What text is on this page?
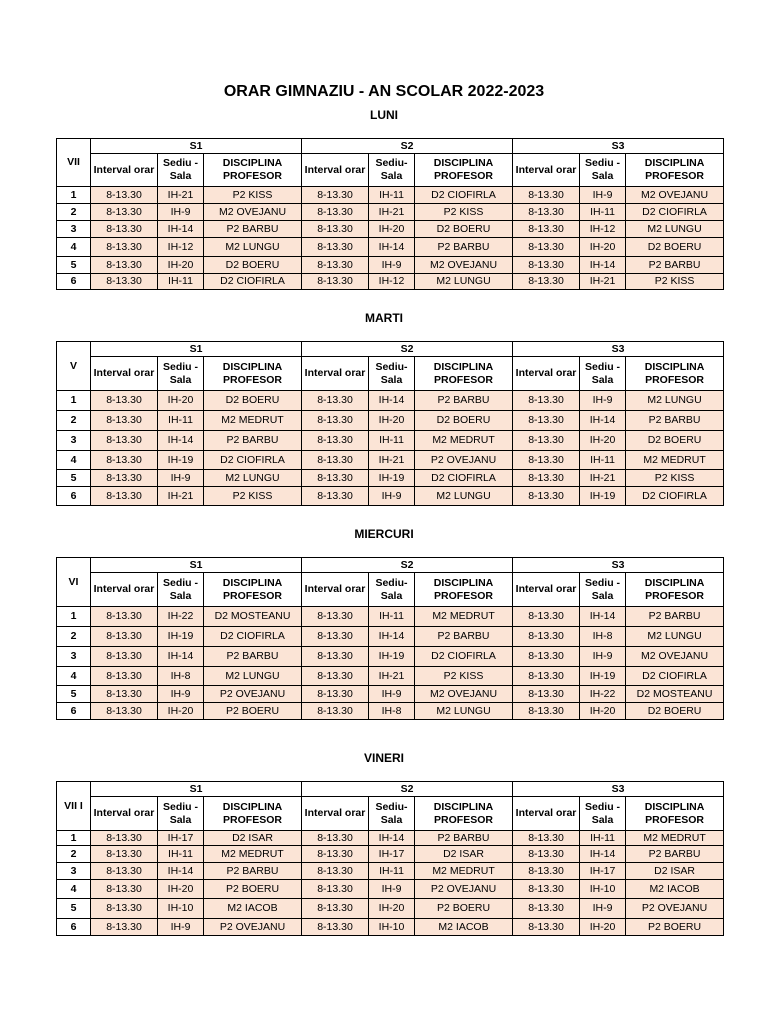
ORAR GIMNAZIU - AN SCOLAR 2022-2023
LUNI
VII	S1			S2			S3		
	Interval orar	Sediu -Sala	DISCIPLINA PROFESOR	Interval orar	Sediu- Sala	DISCIPLINA PROFESOR	Interval orar	Sediu -Sala	DISCIPLINA PROFESOR
1	8-13.30	IH-21	P2 KISS	8-13.30	IH-11	D2 CIOFIRLA	8-13.30	IH-9	M2 OVEJANU
2	8-13.30	IH-9	M2 OVEJANU	8-13.30	IH-21	P2 KISS	8-13.30	IH-11	D2 CIOFIRLA
3	8-13.30	IH-14	P2 BARBU	8-13.30	IH-20	D2 BOERU	8-13.30	IH-12	M2 LUNGU
4	8-13.30	IH-12	M2 LUNGU	8-13.30	IH-14	P2 BARBU	8-13.30	IH-20	D2 BOERU
5	8-13.30	IH-20	D2 BOERU	8-13.30	IH-9	M2 OVEJANU	8-13.30	IH-14	P2 BARBU
6	8-13.30	IH-11	D2 CIOFIRLA	8-13.30	IH-12	M2 LUNGU	8-13.30	IH-21	P2 KISS
MARTI
V	S1			S2			S3		
	Interval orar	Sediu -Sala	DISCIPLINA PROFESOR	Interval orar	Sediu- Sala	DISCIPLINA PROFESOR	Interval orar	Sediu -Sala	DISCIPLINA PROFESOR
1	8-13.30	IH-20	D2 BOERU	8-13.30	IH-14	P2 BARBU	8-13.30	IH-9	M2 LUNGU
2	8-13.30	IH-11	M2 MEDRUT	8-13.30	IH-20	D2 BOERU	8-13.30	IH-14	P2 BARBU
3	8-13.30	IH-14	P2 BARBU	8-13.30	IH-11	M2 MEDRUT	8-13.30	IH-20	D2 BOERU
4	8-13.30	IH-19	D2 CIOFIRLA	8-13.30	IH-21	P2 OVEJANU	8-13.30	IH-11	M2 MEDRUT
5	8-13.30	IH-9	M2 LUNGU	8-13.30	IH-19	D2 CIOFIRLA	8-13.30	IH-21	P2 KISS
6	8-13.30	IH-21	P2 KISS	8-13.30	IH-9	M2 LUNGU	8-13.30	IH-19	D2 CIOFIRLA
MIERCURI
VI	S1			S2			S3		
	Interval orar	Sediu -Sala	DISCIPLINA PROFESOR	Interval orar	Sediu- Sala	DISCIPLINA PROFESOR	Interval orar	Sediu -Sala	DISCIPLINA PROFESOR
1	8-13.30	IH-22	D2 MOSTEANU	8-13.30	IH-11	M2 MEDRUT	8-13.30	IH-14	P2 BARBU
2	8-13.30	IH-19	D2 CIOFIRLA	8-13.30	IH-14	P2 BARBU	8-13.30	IH-8	M2 LUNGU
3	8-13.30	IH-14	P2 BARBU	8-13.30	IH-19	D2 CIOFIRLA	8-13.30	IH-9	M2 OVEJANU
4	8-13.30	IH-8	M2 LUNGU	8-13.30	IH-21	P2 KISS	8-13.30	IH-19	D2 CIOFIRLA
5	8-13.30	IH-9	P2 OVEJANU	8-13.30	IH-9	M2 OVEJANU	8-13.30	IH-22	D2 MOSTEANU
6	8-13.30	IH-20	P2 BOERU	8-13.30	IH-8	M2 LUNGU	8-13.30	IH-20	D2 BOERU
VINERI
VII I	S1			S2			S3		
	Interval orar	Sediu -Sala	DISCIPLINA PROFESOR	Interval orar	Sediu- Sala	DISCIPLINA PROFESOR	Interval orar	Sediu -Sala	DISCIPLINA PROFESOR
1	8-13.30	IH-17	D2 ISAR	8-13.30	IH-14	P2 BARBU	8-13.30	IH-11	M2 MEDRUT
2	8-13.30	IH-11	M2 MEDRUT	8-13.30	IH-17	D2 ISAR	8-13.30	IH-14	P2 BARBU
3	8-13.30	IH-14	P2 BARBU	8-13.30	IH-11	M2 MEDRUT	8-13.30	IH-17	D2 ISAR
4	8-13.30	IH-20	P2 BOERU	8-13.30	IH-9	P2 OVEJANU	8-13.30	IH-10	M2 IACOB
5	8-13.30	IH-10	M2 IACOB	8-13.30	IH-20	P2 BOERU	8-13.30	IH-9	P2 OVEJANU
6	8-13.30	IH-9	P2 OVEJANU	8-13.30	IH-10	M2 IACOB	8-13.30	IH-20	P2 BOERU
